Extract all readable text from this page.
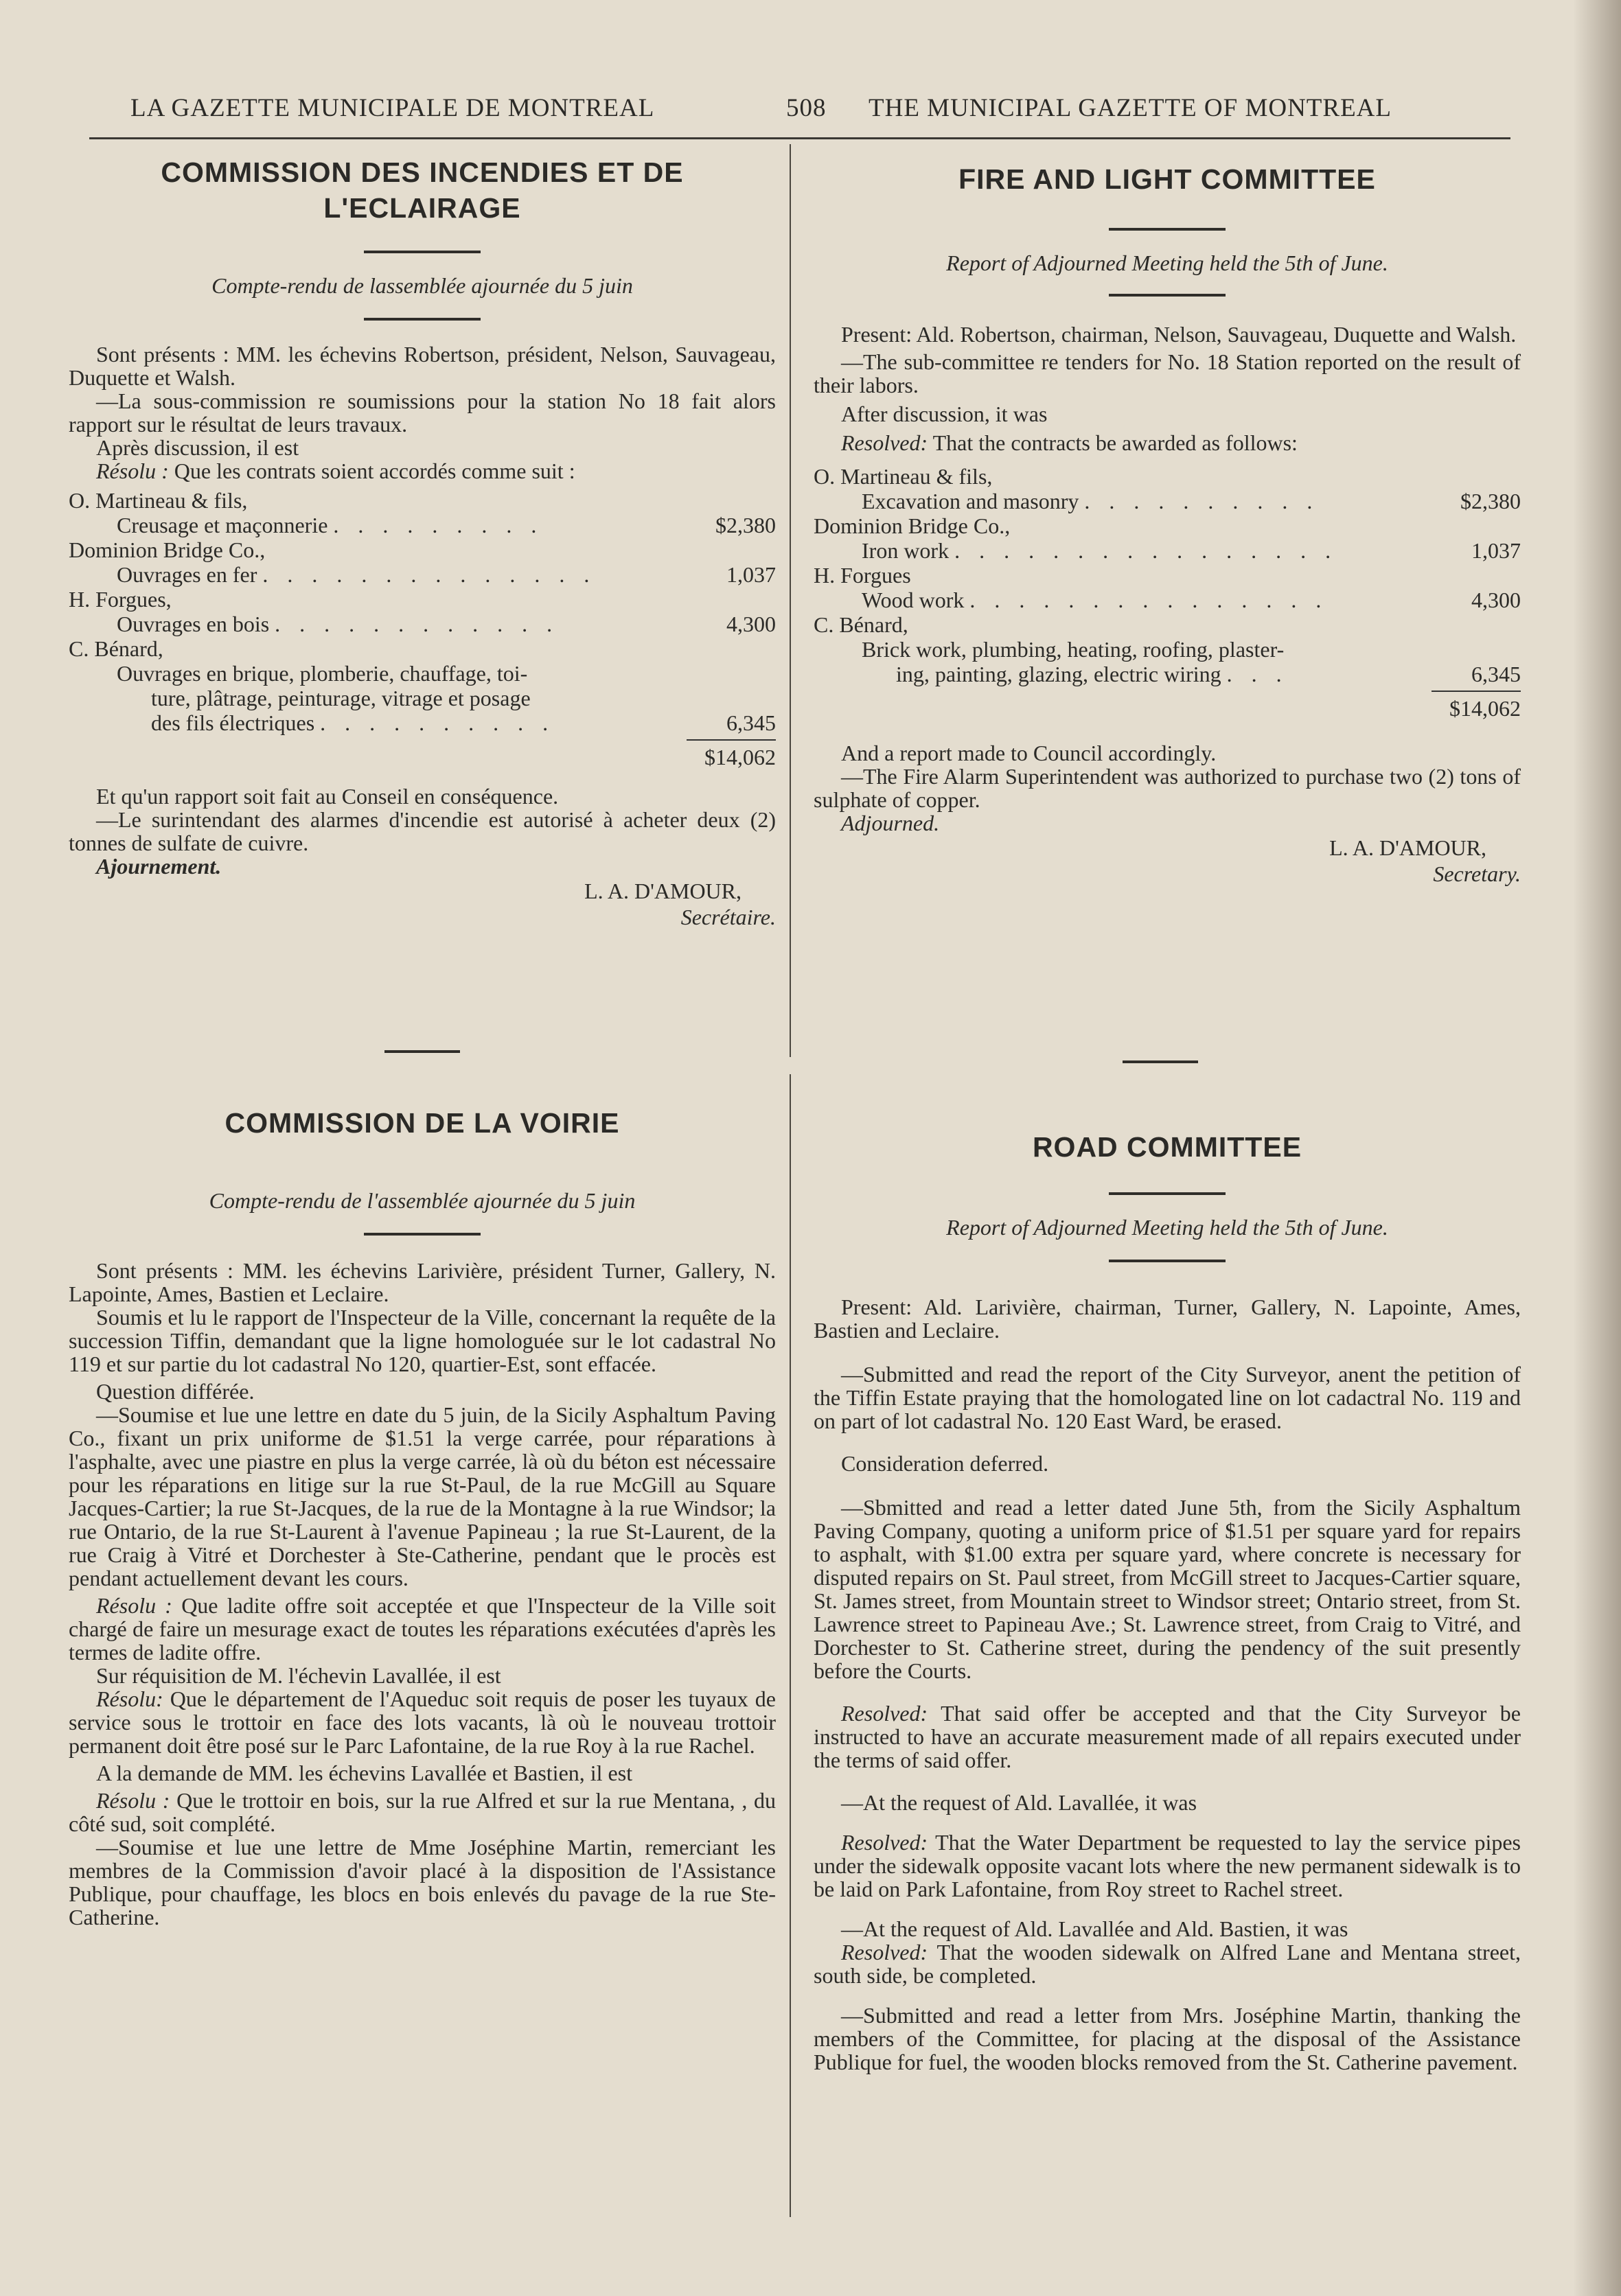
LA GAZETTE MUNICIPALE DE MONTREAL	508 THE MUNICIPAL GAZETTE OF MONTREAL
COMMISSION DES INCENDIES ET DE
L'ECLAIRAGE

Compte-rendu de lassemblée ajournée du 5 juin

Sont présents : MM. les échevins Robertson, président, Nelson, Sauvageau, Duquette et Walsh.

—La sous-commission re soumissions pour la station No 18 fait alors rapport sur le résultat de leurs travaux.

Après discussion, il est

Résolu : Que les contrats soient accordés comme suit :

O. Martineau & fils,
Creusage et maçonnerie . . . . . . . . .	$2,380
Dominion Bridge Co.,
Ouvrages en fer . . . . . . . . . . . . . .	1,037
H. Forgues,
Ouvrages en bois . . . . . . . . . . . .	4,300
C. Bénard,
Ouvrages en brique, plomberie, chauffage, toi-
ture, plâtrage, peinturage, vitrage et posage
des fils électriques . . . . . . . . . .	6,345
$14,062

Et qu'un rapport soit fait au Conseil en conséquence.

—Le surintendant des alarmes d'incendie est autorisé à acheter deux (2) tonnes de sulfate de cuivre.

Ajournement.

L. A. D'AMOUR,
Secrétaire.
COMMISSION DE LA VOIRIE

Compte-rendu de l'assemblée ajournée du 5 juin

Sont présents : MM. les échevins Larivière, président Turner, Gallery, N. Lapointe, Ames, Bastien et Leclaire.

Soumis et lu le rapport de l'Inspecteur de la Ville, concernant la requête de la succession Tiffin, demandant que la ligne homologuée sur le lot cadastral No 119 et sur partie du lot cadastral No 120, quartier-Est, sont effacée.

Question différée.

—Soumise et lue une lettre en date du 5 juin, de la Sicily Asphaltum Paving Co., fixant un prix uniforme de $1.51 la verge carrée, pour réparations à l'asphalte, avec une piastre en plus la verge carrée, là où du béton est nécessaire pour les réparations en litige sur la rue St-Paul, de la rue McGill au Square Jacques-Cartier; la rue St-Jacques, de la rue de la Montagne à la rue Windsor; la rue Ontario, de la rue St-Laurent à l'avenue Papineau ; la rue St-Laurent, de la rue Craig à Vitré et Dorchester à Ste-Catherine, pendant que le procès est pendant actuellement devant les cours.

Résolu : Que ladite offre soit acceptée et que l'Inspecteur de la Ville soit chargé de faire un mesurage exact de toutes les réparations exécutées d'après les termes de ladite offre.

Sur réquisition de M. l'échevin Lavallée, il est

Résolu: Que le département de l'Aqueduc soit requis de poser les tuyaux de service sous le trottoir en face des lots vacants, là où le nouveau trottoir permanent doit être posé sur le Parc Lafontaine, de la rue Roy à la rue Rachel.

A la demande de MM. les échevins Lavallée et Bastien, il est

Résolu : Que le trottoir en bois, sur la rue Alfred et sur la rue Mentana, , du côté sud, soit complété.

—Soumise et lue une lettre de Mme Joséphine Martin, remerciant les membres de la Commission d'avoir placé à la disposition de l'Assistance Publique, pour chauffage, les blocs en bois enlevés du pavage de la rue Ste-Catherine.

FIRE AND LIGHT COMMITTEE

Report of Adjourned Meeting held the 5th of June.

Present: Ald. Robertson, chairman, Nelson, Sauvageau, Duquette and Walsh.

—The sub-committee re tenders for No. 18 Station reported on the result of their labors.

After discussion, it was

Resolved: That the contracts be awarded as follows:

O. Martineau & fils,
Excavation and masonry . . . . . . . . . .	$2,380
Dominion Bridge Co.,
Iron work . . . . . . . . . . . . . . . .	1,037
H. Forgues
Wood work . . . . . . . . . . . . . . .	4,300
C. Bénard,
Brick work, plumbing, heating, roofing, plaster-
ing, painting, glazing, electric wiring . . .	6,345
$14,062

And a report made to Council accordingly.

—The Fire Alarm Superintendent was authorized to purchase two (2) tons of sulphate of copper.

Adjourned.

L. A. D'AMOUR,
Secretary.
ROAD COMMITTEE

Report of Adjourned Meeting held the 5th of June.

Present: Ald. Larivière, chairman, Turner, Gallery, N. Lapointe, Ames, Bastien and Leclaire.

—Submitted and read the report of the City Surveyor, anent the petition of the Tiffin Estate praying that the homologated line on lot cadactral No. 119 and on part of lot cadastral No. 120 East Ward, be erased.

Consideration deferred.

—Sbmitted and read a letter dated June 5th, from the Sicily Asphaltum Paving Company, quoting a uniform price of $1.51 per square yard for repairs to asphalt, with $1.00 extra per square yard, where concrete is necessary for disputed repairs on St. Paul street, from McGill street to Jacques-Cartier square, St. James street, from Mountain street to Windsor street; Ontario street, from St. Lawrence street to Papineau Ave.; St. Lawrence street, from Craig to Vitré, and Dorchester to St. Catherine street, during the pendency of the suit presently before the Courts.

Resolved: That said offer be accepted and that the City Surveyor be instructed to have an accurate measurement made of all repairs executed under the terms of said offer.

—At the request of Ald. Lavallée, it was

Resolved: That the Water Department be requested to lay the service pipes under the sidewalk opposite vacant lots where the new permanent sidewalk is to be laid on Park Lafontaine, from Roy street to Rachel street.

—At the request of Ald. Lavallée and Ald. Bastien, it was

Resolved: That the wooden sidewalk on Alfred Lane and Mentana street, south side, be completed.

—Submitted and read a letter from Mrs. Joséphine Martin, thanking the members of the Committee, for placing at the disposal of the Assistance Publique for fuel, the wooden blocks removed from the St. Catherine pavement.
